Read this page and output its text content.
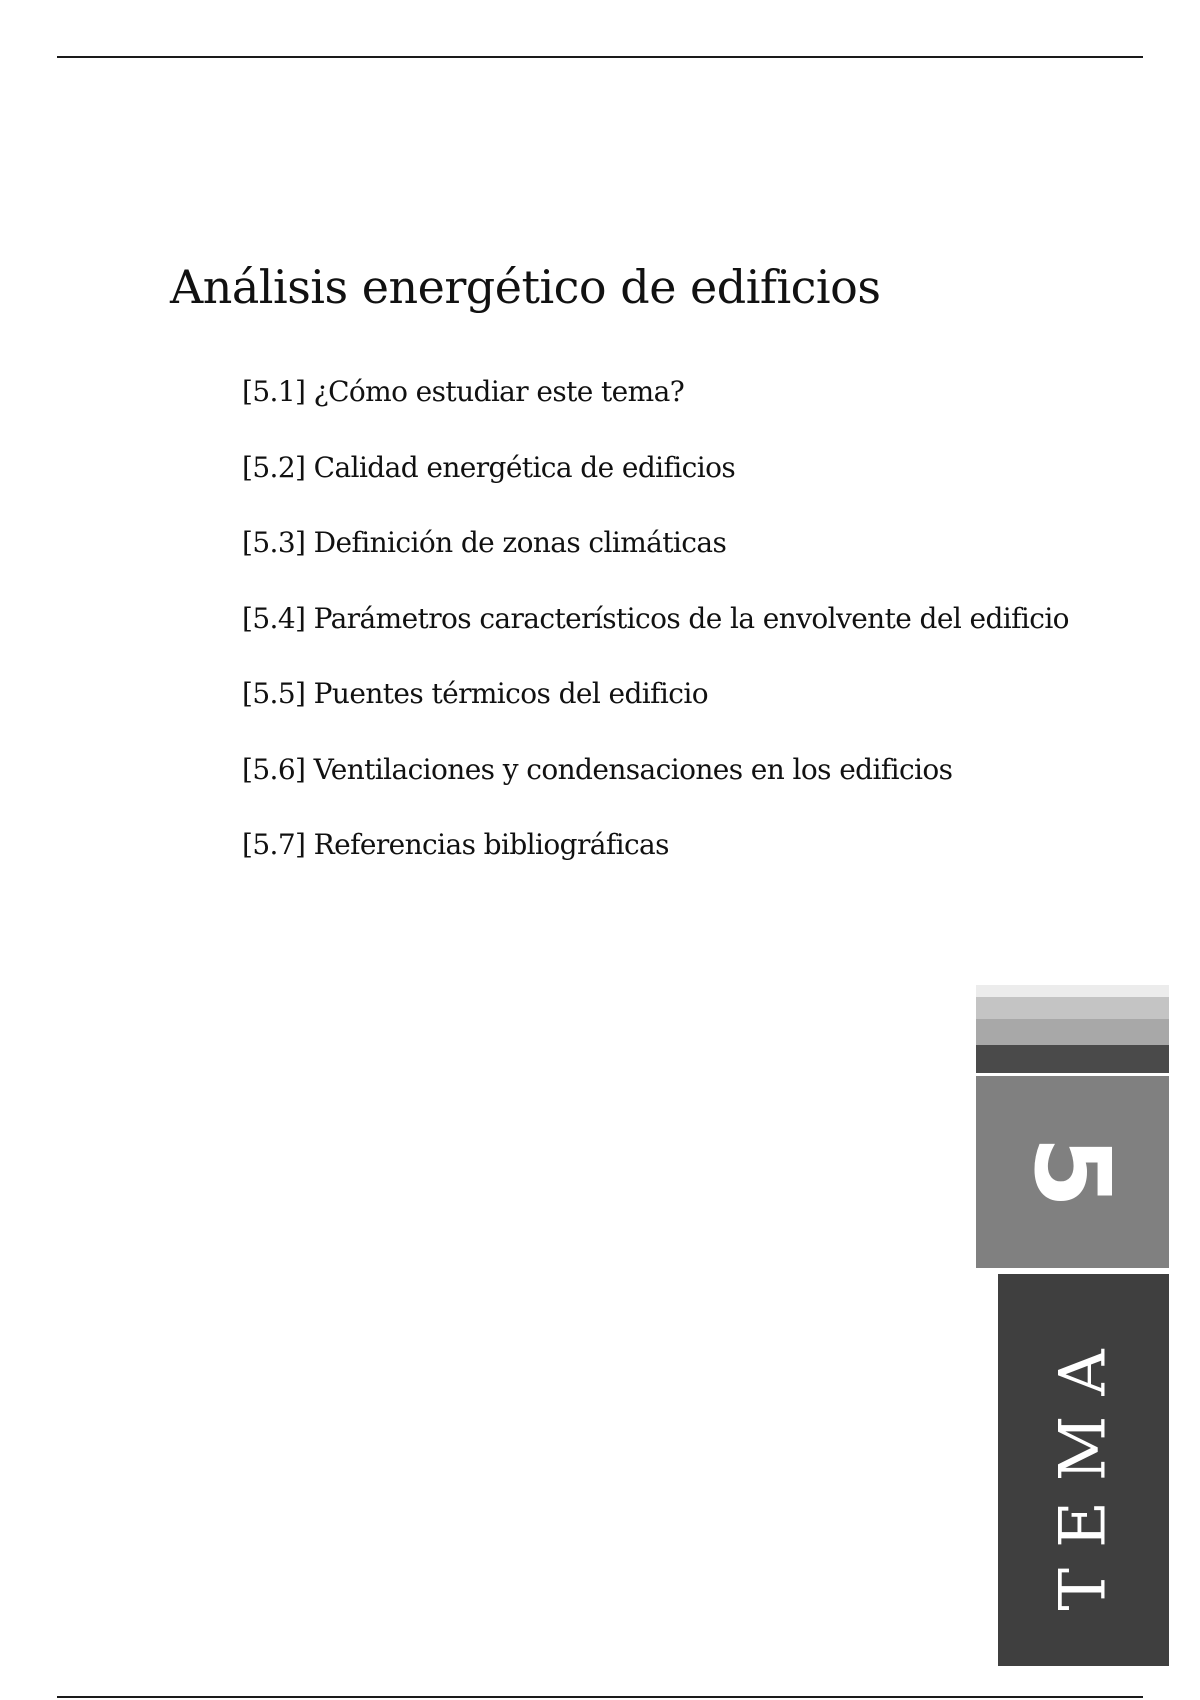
Análisis energético de edificios
[5.1] ¿Cómo estudiar este tema?
[5.2] Calidad energética de edificios
[5.3] Definición de zonas climáticas
[5.4] Parámetros característicos de la envolvente del edificio
[5.5] Puentes térmicos del edificio
[5.6] Ventilaciones y condensaciones en los edificios
[5.7] Referencias bibliográficas
5
TEMA
